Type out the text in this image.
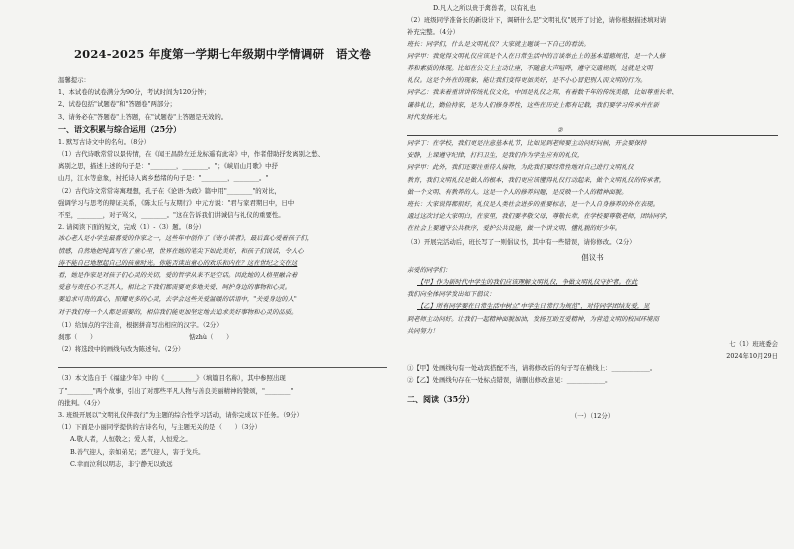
2024-2025 年度第一学期七年级期中学情调研　语文卷

温馨提示：

1、本试卷的试卷满分为90分，考试时间为120分钟；

2、试卷包括"试题卷"和"答题卷"两部分；

3、请务必在"答题卷"上答题，在"试题卷"上答题是无效的。

一、语文积累与综合运用（25分）

1. 默写古诗文中的名句。（8分）

（1）古代诗歌常常以景传情，在《闻王昌龄左迁龙标遥有此寄》中，作者借助抒发离别之愁、

离别之思，描述上述的句子是："________，________。"；《峡眉山月歌》中抒

山月，江水等意象，衬托诗人离乡愁绪的句子是："________，________。"

（2）古代诗文常常寄寓理想，孔子在《论语·为政》篇中用"________"的对比，

强调学习与思考的辩证关系，《陈太丘与友期行》中元方说："君与家君期日中，日中

不至，________，对子骂父，________。"这在告诉我们讲诚信与礼仪的重要性。

2. 请阅读下面的短文，完成（1）-（3）题。（8分）

冰心老人是小学生最喜爱的作家之一，这些年中创作了《寄小读者》，最后真心爱着孩子们，
情感，自然地把纯真写在了童心里，世界在她的笔尖下如此美好，和孩子们说话，令人心
涛不能自已地想起自己的孩童时光。你能否读出童心的欢乐和内在？这在世纪之交在这
看，她是作家是对孩子们心灵的关切，爱的哲学从来不是空话。因此她的人格里融合着
爱意与责任心不乏其人，相比之下我们都需要更多地关爱、呵护身边的事物和心灵。
要追求可贵的真心，照耀更多的心灵，去学会这些关爱温暖的话语中，"关爱身边的人"
对于我们每一个人都是需要的，相信我们能更加坚定地去追求美好事物和心灵的品质。

（1）给加点的字注音，根据拼音写出相应的汉字。（2分）

刹那（　　）　　　　　　　　　　　　　　　惦zhù（　　）

（2）将选段中的画线句改为陈述句。（2分）

（3）本文选自于《福建少年》中的《__________》（填篇目名称），其中参照出现

了"________"两个故事，引出了对那些平凡人物与善良美丽精神的赞颂，"________"

的批判。（4分）

3. 班级开展以"文明礼仪伴我行"为主题的综合性学习活动，请你完成以下任务。（9分）

（1）下面是小丽同学提供的古诗名句，与主题无关的是（　　）（3分）

A.敬人者，人恒敬之；爱人者，人恒爱之。

B.善气迎人，亲如弟兄；恶气迎人，害于戈兵。

C.幸而泣利以明志，非宁静无以致远

D.凡人之所以贵于禽兽者，以有礼也

（2）班级同学准备长的新设计下，调研什么是"文明礼仪"展开了讨论，请你根据描述填对请

补充完整。（4分）

班长：同学们，什么是文明礼仪？大家就主题谈一下自己的看法。
同学甲：我觉得文明礼仪应该是个人在日常生活中的言谈举止上的基本道德规范，是一个人修
养和素质的体现。比如在公交上主动让座，不随意大声喧哗，遵守交通规则，这就是文明
礼仪。这是个外在的现象，能让我们变得更加美好，是不小心冒犯别人而文明的行为。
同学乙：我来着重讲讲传统礼仪文化，中国是礼仪之邦，有着数千年的传统美德，比如尊重长辈、
谦恭礼让，勤俭持家，是为人们修身养性，这些在历史上都有记载，我们要学习传承并在新
时代发扬光大。
②
同学丁：在学校，我们更是注意基本礼节，比如见到老师要主动问好问候，开会要保持
安静，上课遵守纪律，打扫卫生，是我们作为学生应有的礼仪，
同学甲：此外，我们还要注重待人接物，为此我们要经常性地对自己进行文明礼仪
教育，我们文明礼仪是做人的根本，我们更应该懂得礼仪行动起来，做个文明礼仪的传承者，
做一个文明、有教养的人。这是一个人的修养问题，是反映一个人的精神面貌。
班长：大家说得都很好，礼仪是人类社会进步的重要标志，是一个人自身修养的外在表现。
通过这次讨论大家明白，在家里，我们要孝敬父母，尊敬长辈，在学校要尊敬老师，团结同学，
在社会上要遵守公共秩序，爱护公共设施，做一个讲文明、懂礼貌的好少年。
（3）开展完活动后，班长写了一则倡议书，其中有一些错误，请你修改。（2分）
倡议书
亲爱的同学们：
【甲】作为新时代中学生的我们应该理解文明礼仪，争做文明礼仪守护者。在此
我们向全体同学发出如下倡议：
【乙】所有同学要在日常生活中树立"中学生日常行为规范"，对待同学团结友爱，见
到老师主动问好。让我们一起精神面貌加油，发扬互助互爱精神，为营造文明的校园环境而
共同努力！
七（1）班班委会
2024年10月29日

①【甲】处画线句有一处动宾搭配不当，请将修改后的句子写在横线上：____________。

②【乙】处画线句存在一处标点错误，请删出修改意见：____________。

二、阅读（35分）
（一）（12分）
